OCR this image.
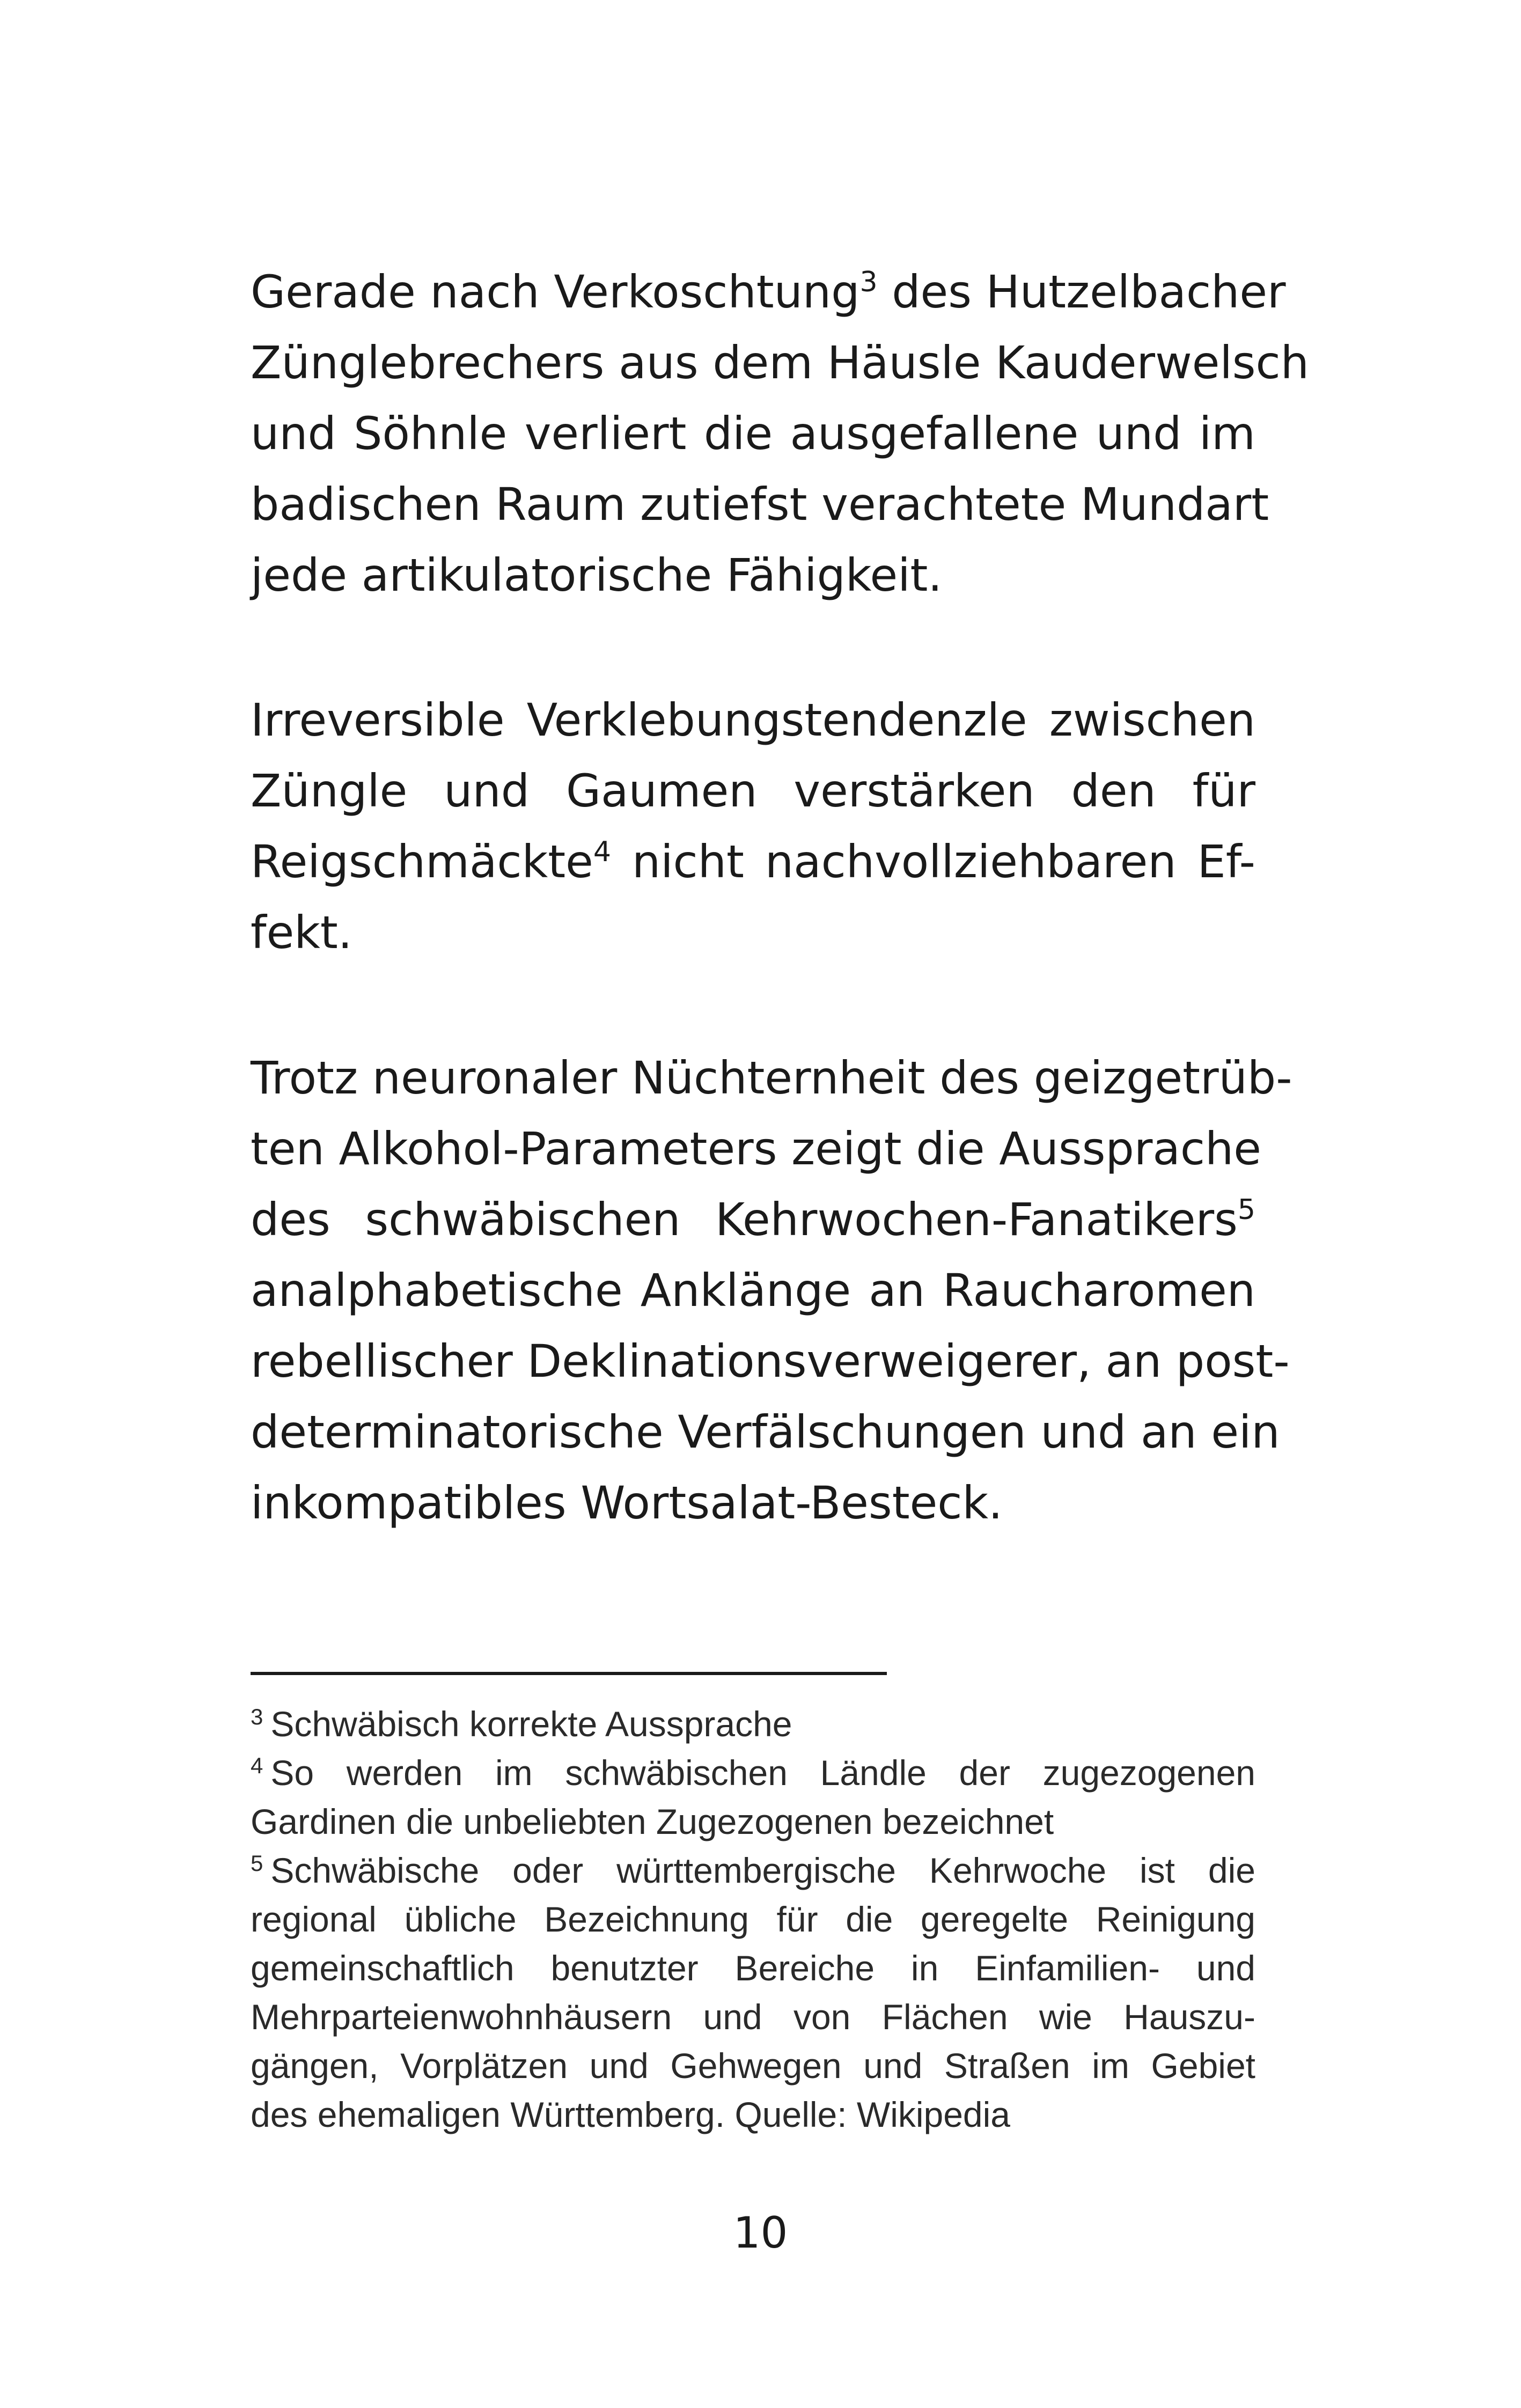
Gerade nach Verkoschtung$^3$ des Hutzelbacher
Zünglebrechers aus dem Häusle Kauderwelsch
und Söhnle verliert die ausgefallene und im
badischen Raum zutiefst verachtete Mundart
jede artikulatorische Fähigkeit.

Irreversible Verklebungstendenzle zwischen
Züngle und Gaumen verstärken den für
Reigschmäckte$^4$ nicht nachvollziehbaren Ef-
fekt.

Trotz neuronaler Nüchternheit des geizgetrüb-
ten Alkohol-Parameters zeigt die Aussprache
des schwäbischen Kehrwochen-Fanatikers$^5$
analphabetische Anklänge an Raucharomen
rebellischer Deklinationsverweigerer, an post-
determinatorische Verfälschungen und an ein
inkompatibles Wortsalat-Besteck.

$^3$ Schwäbisch korrekte Aussprache
$^4$ So werden im schwäbischen Ländle der zugezogenen
Gardinen die unbeliebten Zugezogenen bezeichnet
$^5$ Schwäbische oder württembergische Kehrwoche ist die
regional übliche Bezeichnung für die geregelte Reinigung
gemeinschaftlich benutzter Bereiche in Einfamilien- und
Mehrparteienwohnhäusern und von Flächen wie Hauszu-
gängen, Vorplätzen und Gehwegen und Straßen im Gebiet
des ehemaligen Württemberg. Quelle: Wikipedia
10
